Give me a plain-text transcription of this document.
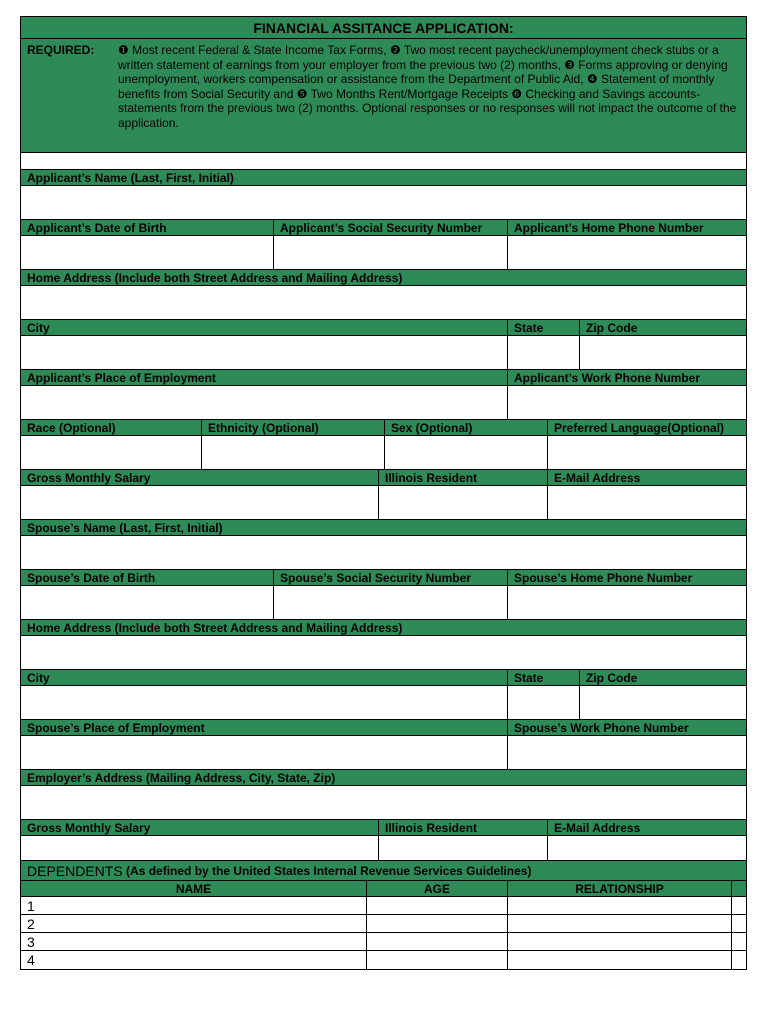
FINANCIAL ASSITANCE APPLICATION:
REQUIRED:	❶ Most recent Federal & State Income Tax Forms, ❷ Two most recent paycheck/unemployment check stubs or a written statement of earnings from your employer from the previous two (2) months, ❸ Forms approving or denying unemployment, workers compensation or assistance from the Department of Public Aid, ❹ Statement of monthly benefits from Social Security and ❺ Two Months Rent/Mortgage Receipts ❻ Checking and Savings accounts-statements from the previous two (2) months. Optional responses or no responses will not impact the outcome of the application.
Applicant’s Name (Last, First, Initial)
Applicant’s Date of Birth	Applicant’s Social Security Number	Applicant’s Home Phone Number
Home Address (Include both Street Address and Mailing Address)
City	State	Zip Code
Applicant’s Place of Employment	Applicant’s Work Phone Number
Race (Optional)	Ethnicity (Optional)	Sex (Optional)	Preferred Language(Optional)
Gross Monthly Salary	Illinois Resident	E-Mail Address
Spouse’s Name (Last, First, Initial)
Spouse’s Date of Birth	Spouse’s Social Security Number	Spouse’s Home Phone Number
Home Address (Include both Street Address and Mailing Address)
City	State	Zip Code
Spouse’s Place of Employment	Spouse’s Work Phone Number
Employer’s Address (Mailing Address, City, State, Zip)
Gross Monthly Salary	Illinois Resident	E-Mail Address
DEPENDENTS
(As defined by the United States Internal Revenue Services Guidelines)
NAME	AGE	RELATIONSHIP
1
2
3
4
